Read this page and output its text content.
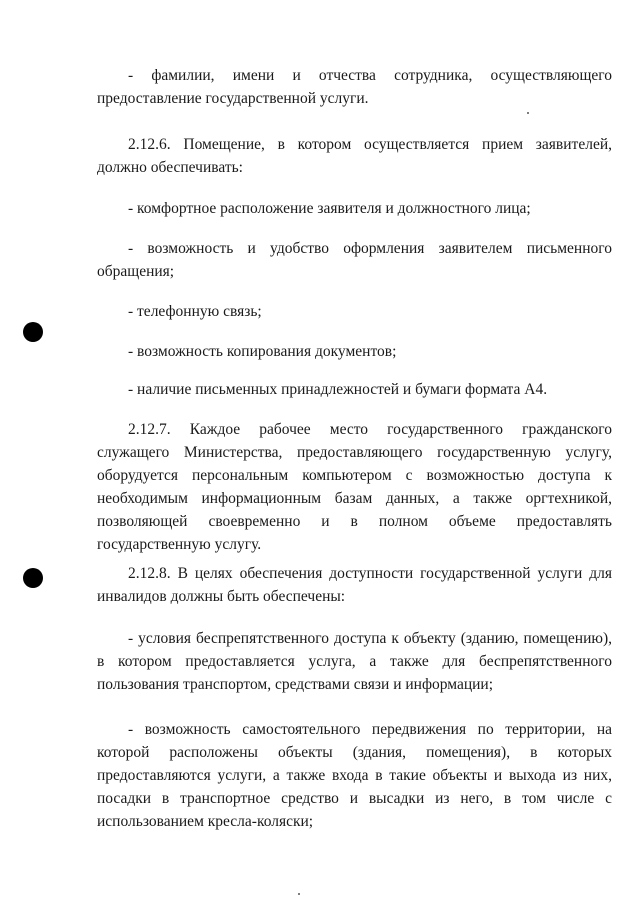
- фамилии, имени и отчества сотрудника, осуществляющего предоставление государственной услуги.

2.12.6. Помещение, в котором осуществляется прием заявителей, должно обеспечивать:

- комфортное расположение заявителя и должностного лица;

- возможность и удобство оформления заявителем письменного обращения;

- телефонную связь;

- возможность копирования документов;

- наличие письменных принадлежностей и бумаги формата А4.

2.12.7. Каждое рабочее место государственного гражданского служащего Министерства, предоставляющего государственную услугу, оборудуется персональным компьютером с возможностью доступа к необходимым информационным базам данных, а также оргтехникой, позволяющей своевременно и в полном объеме предоставлять государственную услугу.

2.12.8. В целях обеспечения доступности государственной услуги для инвалидов должны быть обеспечены:

- условия беспрепятственного доступа к объекту (зданию, помещению), в котором предоставляется услуга, а также для беспрепятственного пользования транспортом, средствами связи и информации;

- возможность самостоятельного передвижения по территории, на которой расположены объекты (здания, помещения), в которых предоставляются услуги, а также входа в такие объекты и выхода из них, посадки в транспортное средство и высадки из него, в том числе с использованием кресла-коляски;
